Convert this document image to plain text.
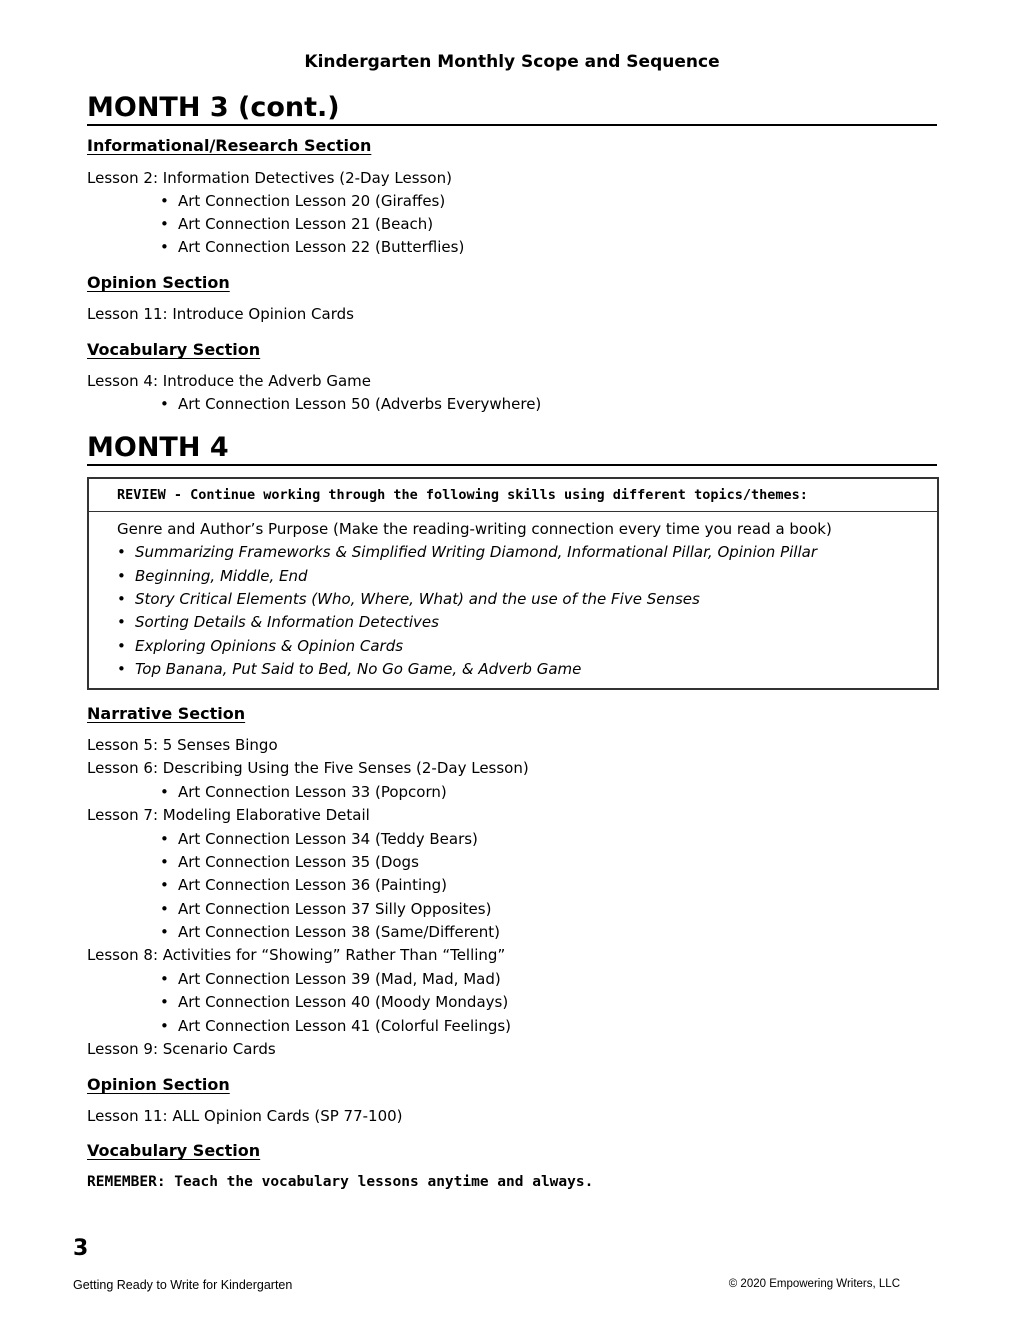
Kindergarten Monthly Scope and Sequence
MONTH 3 (cont.)
Informational/Research Section
Lesson 2: Information Detectives (2-Day Lesson)
• Art Connection Lesson 20 (Giraffes)
• Art Connection Lesson 21 (Beach)
• Art Connection Lesson 22 (Butterflies)
Opinion Section
Lesson 11: Introduce Opinion Cards
Vocabulary Section
Lesson 4: Introduce the Adverb Game
• Art Connection Lesson 50 (Adverbs Everywhere)
MONTH 4
REVIEW - Continue working through the following skills using different topics/themes:
Genre and Author’s Purpose (Make the reading-writing connection every time you read a book)
• Summarizing Frameworks & Simplified Writing Diamond, Informational Pillar, Opinion Pillar
• Beginning, Middle, End
• Story Critical Elements (Who, Where, What) and the use of the Five Senses
• Sorting Details & Information Detectives
• Exploring Opinions & Opinion Cards
• Top Banana, Put Said to Bed, No Go Game, & Adverb Game
Narrative Section
Lesson 5: 5 Senses Bingo
Lesson 6: Describing Using the Five Senses (2-Day Lesson)
• Art Connection Lesson 33 (Popcorn)
Lesson 7: Modeling Elaborative Detail
• Art Connection Lesson 34 (Teddy Bears)
• Art Connection Lesson 35 (Dogs
• Art Connection Lesson 36 (Painting)
• Art Connection Lesson 37 Silly Opposites)
• Art Connection Lesson 38 (Same/Different)
Lesson 8: Activities for “Showing” Rather Than “Telling”
• Art Connection Lesson 39 (Mad, Mad, Mad)
• Art Connection Lesson 40 (Moody Mondays)
• Art Connection Lesson 41 (Colorful Feelings)
Lesson 9: Scenario Cards
Opinion Section
Lesson 11: ALL Opinion Cards (SP 77-100)
Vocabulary Section
REMEMBER: Teach the vocabulary lessons anytime and always.
3
Getting Ready to Write for Kindergarten	© 2020 Empowering Writers, LLC
